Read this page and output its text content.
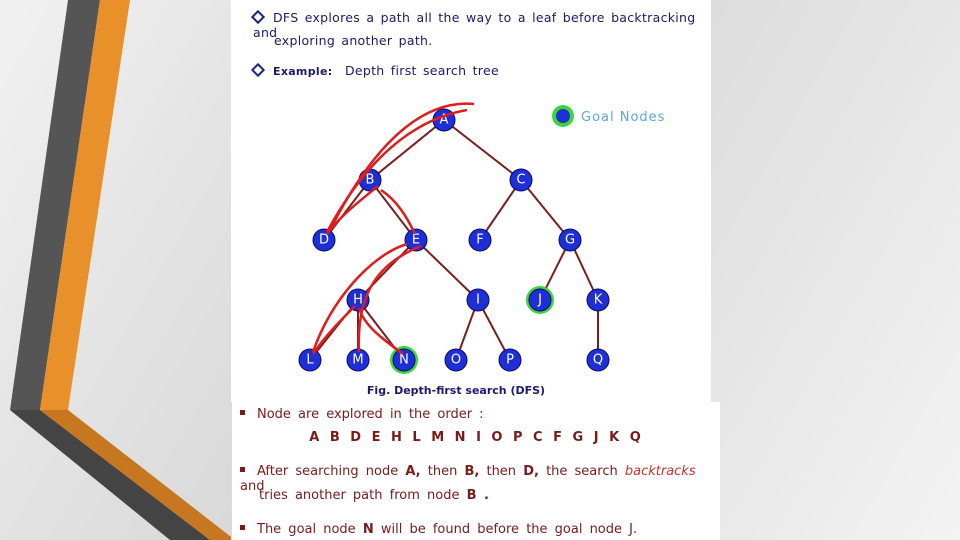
DFS explores a path all the way to a leaf before backtracking and
exploring another path.
Example: Depth first search tree
A
B	C
D	E	F	G
H	I	J	K
L	M	N	O	P	Q
Goal Nodes
Fig. Depth-first search (DFS)
Node are explored in the order :
A B D E H L M N I O P C F G J K Q
After searching node A, then B, then D, the search backtracks and
tries another path from node B .
The goal node N will be found before the goal node J.
